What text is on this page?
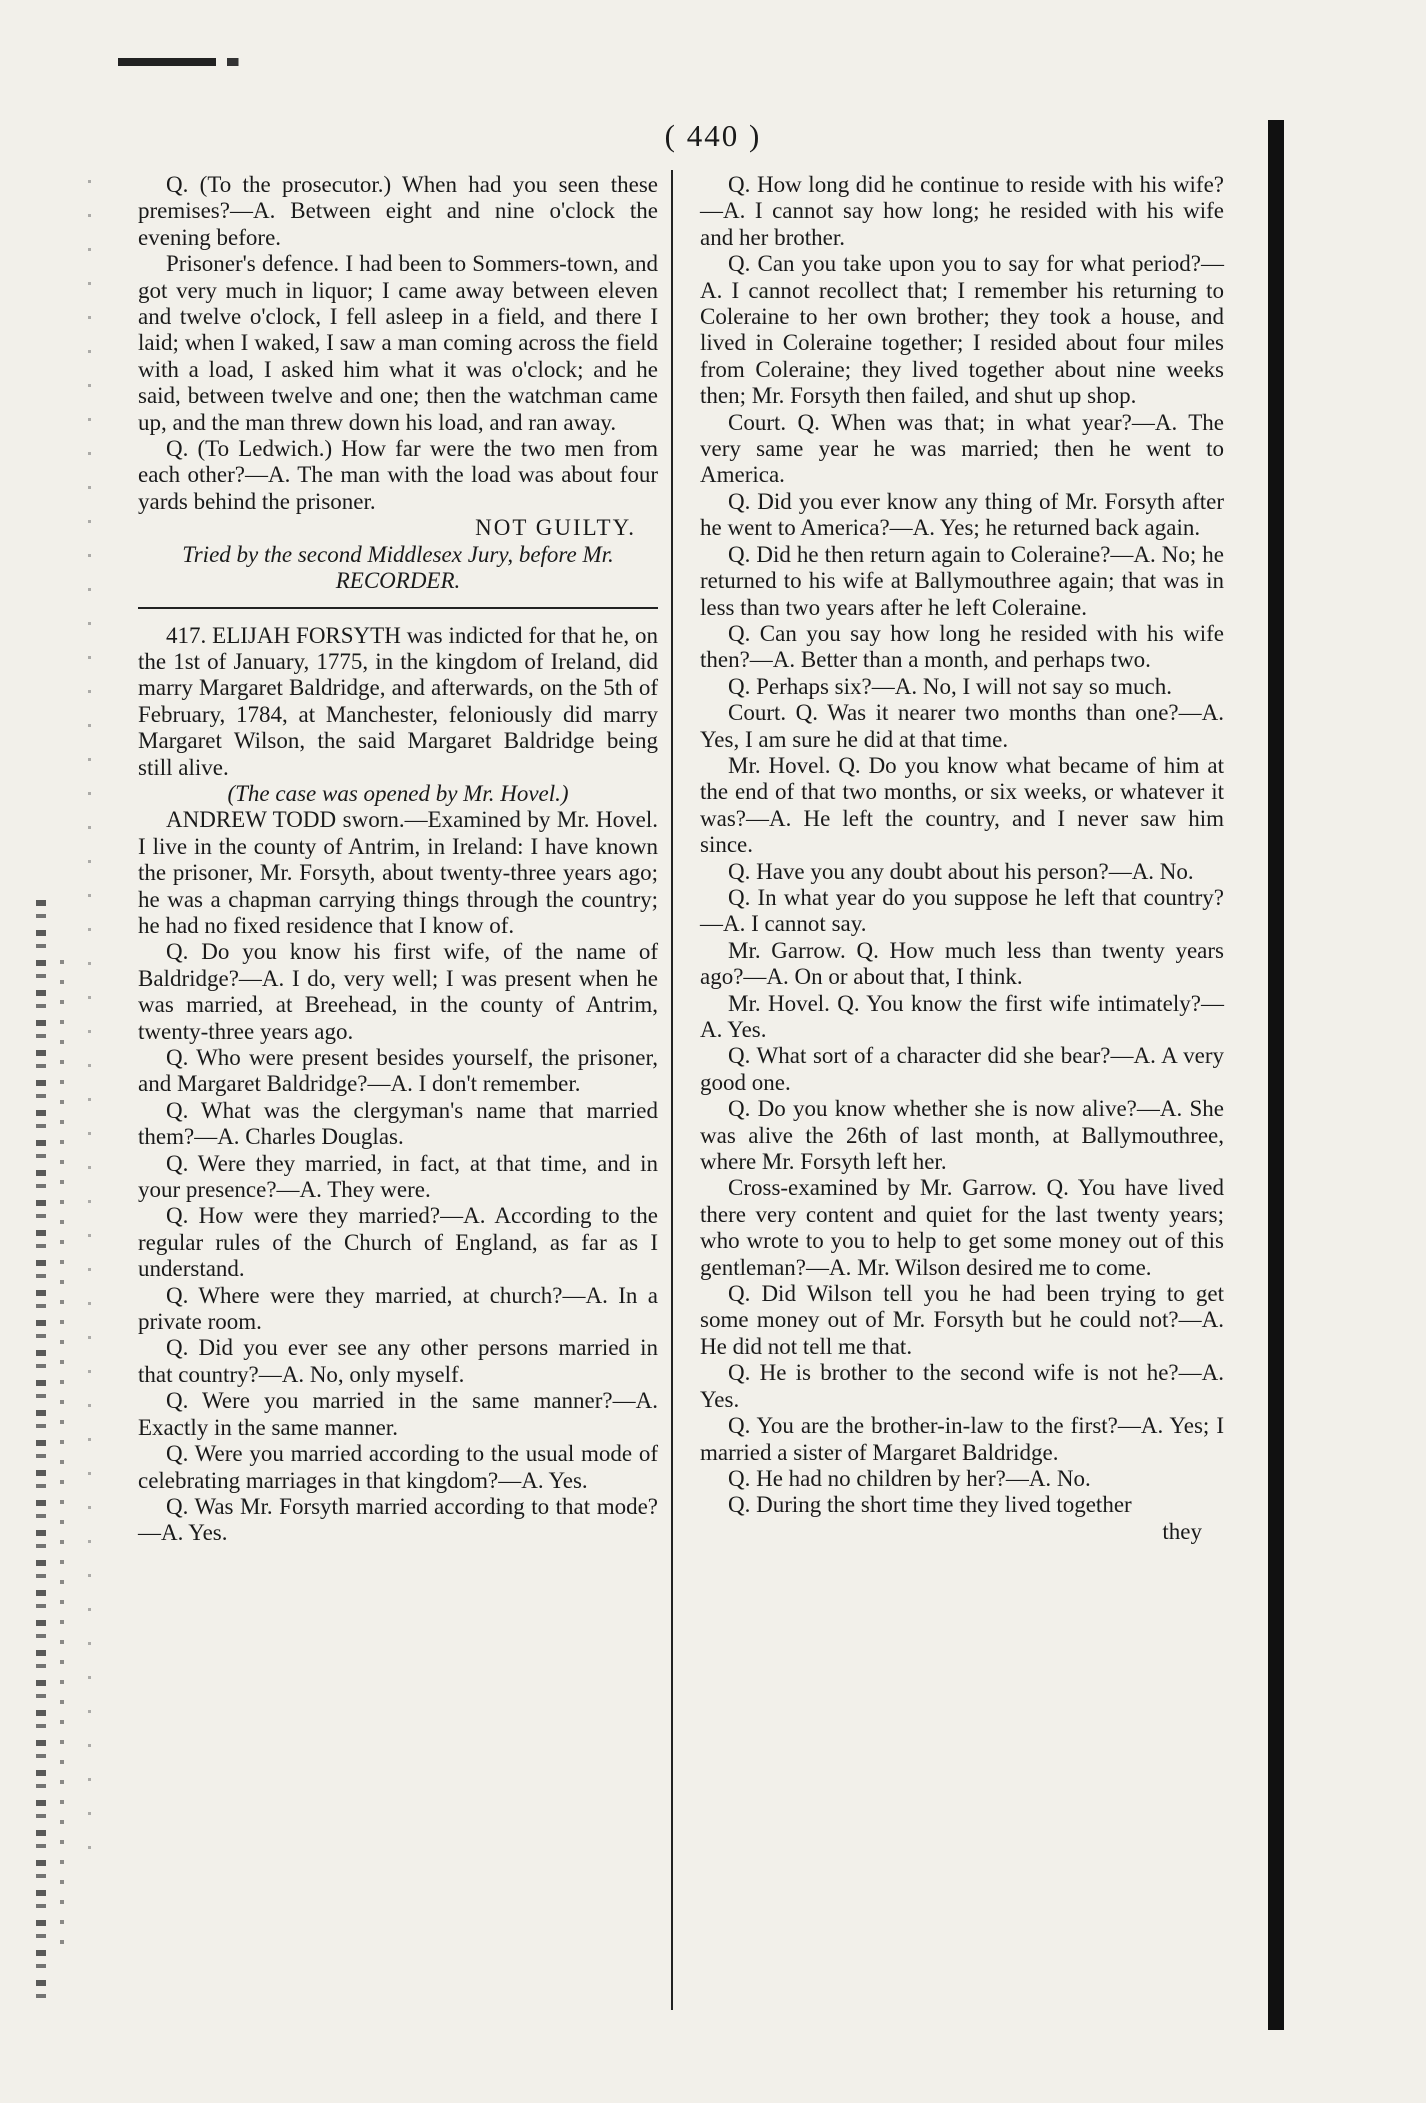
( 440 )

Q. (To the prosecutor.) When had you seen these premises?—A. Between eight and nine o'clock the evening before.

Prisoner's defence. I had been to Sommers-town, and got very much in liquor; I came away between eleven and twelve o'clock, I fell asleep in a field, and there I laid; when I waked, I saw a man coming across the field with a load, I asked him what it was o'clock; and he said, between twelve and one; then the watchman came up, and the man threw down his load, and ran away.

Q. (To Ledwich.) How far were the two men from each other?—A. The man with the load was about four yards behind the prisoner.

NOT GUILTY.

Tried by the second Middlesex Jury, before Mr. RECORDER.

417. ELIJAH FORSYTH was indicted for that he, on the 1st of January, 1775, in the kingdom of Ireland, did marry Margaret Baldridge, and afterwards, on the 5th of February, 1784, at Manchester, feloniously did marry Margaret Wilson, the said Margaret Baldridge being still alive.

(The case was opened by Mr. Hovel.)

ANDREW TODD sworn.—Examined by Mr. Hovel. I live in the county of Antrim, in Ireland: I have known the prisoner, Mr. Forsyth, about twenty-three years ago; he was a chapman carrying things through the country; he had no fixed residence that I know of.

Q. Do you know his first wife, of the name of Baldridge?—A. I do, very well; I was present when he was married, at Breehead, in the county of Antrim, twenty-three years ago.

Q. Who were present besides yourself, the prisoner, and Margaret Baldridge?—A. I don't remember.

Q. What was the clergyman's name that married them?—A. Charles Douglas.

Q. Were they married, in fact, at that time, and in your presence?—A. They were.

Q. How were they married?—A. According to the regular rules of the Church of England, as far as I understand.

Q. Where were they married, at church?—A. In a private room.

Q. Did you ever see any other persons married in that country?—A. No, only myself.

Q. Were you married in the same manner?—A. Exactly in the same manner.

Q. Were you married according to the usual mode of celebrating marriages in that kingdom?—A. Yes.

Q. Was Mr. Forsyth married according to that mode?—A. Yes.

Q. How long did he continue to reside with his wife?—A. I cannot say how long; he resided with his wife and her brother.

Q. Can you take upon you to say for what period?—A. I cannot recollect that; I remember his returning to Coleraine to her own brother; they took a house, and lived in Coleraine together; I resided about four miles from Coleraine; they lived together about nine weeks then; Mr. Forsyth then failed, and shut up shop.

Court. Q. When was that; in what year?—A. The very same year he was married; then he went to America.

Q. Did you ever know any thing of Mr. Forsyth after he went to America?—A. Yes; he returned back again.

Q. Did he then return again to Coleraine?—A. No; he returned to his wife at Ballymouthree again; that was in less than two years after he left Coleraine.

Q. Can you say how long he resided with his wife then?—A. Better than a month, and perhaps two.

Q. Perhaps six?—A. No, I will not say so much.

Court. Q. Was it nearer two months than one?—A. Yes, I am sure he did at that time.

Mr. Hovel. Q. Do you know what became of him at the end of that two months, or six weeks, or whatever it was?—A. He left the country, and I never saw him since.

Q. Have you any doubt about his person?—A. No.

Q. In what year do you suppose he left that country?—A. I cannot say.

Mr. Garrow. Q. How much less than twenty years ago?—A. On or about that, I think.

Mr. Hovel. Q. You know the first wife intimately?—A. Yes.

Q. What sort of a character did she bear?—A. A very good one.

Q. Do you know whether she is now alive?—A. She was alive the 26th of last month, at Ballymouthree, where Mr. Forsyth left her.

Cross-examined by Mr. Garrow. Q. You have lived there very content and quiet for the last twenty years; who wrote to you to help to get some money out of this gentleman?—A. Mr. Wilson desired me to come.

Q. Did Wilson tell you he had been trying to get some money out of Mr. Forsyth but he could not?—A. He did not tell me that.

Q. He is brother to the second wife is not he?—A. Yes.

Q. You are the brother-in-law to the first?—A. Yes; I married a sister of Margaret Baldridge.

Q. He had no children by her?—A. No.

Q. During the short time they lived together

they
